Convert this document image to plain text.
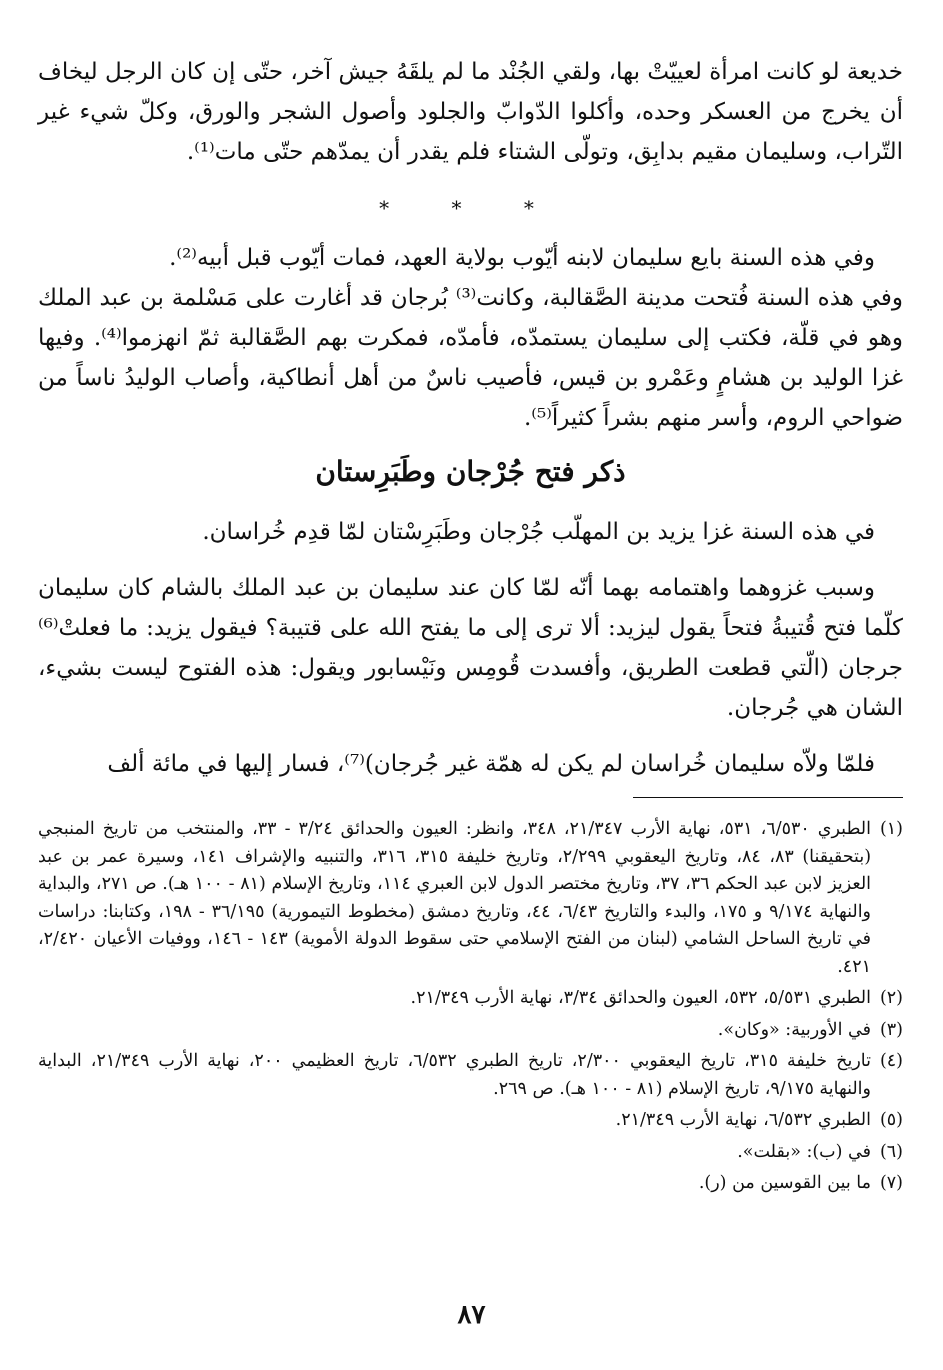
خديعة لو كانت امرأة لعييّتْ بها، ولقي الجُنْد ما لم يلقَهُ جيش آخر، حتّى إن كان الرجل ليخاف أن يخرج من العسكر وحده، وأكلوا الدّوابّ والجلود وأصول الشجر والورق، وكلّ شيء غير التّراب، وسليمان مقيم بدابِق، وتولّى الشتاء فلم يقدر أن يمدّهم حتّى مات⁽¹⁾.

* * *

وفي هذه السنة بايع سليمان لابنه أيّوب بولاية العهد، فمات أيّوب قبل أبيه⁽²⁾.

وفي هذه السنة فُتحت مدينة الصَّقالبة، وكانت⁽³⁾ بُرجان قد أغارت على مَسْلمة بن عبد الملك وهو في قلّة، فكتب إلى سليمان يستمدّه، فأمدّه، فمكرت بهم الصَّقالبة ثمّ انهزموا⁽⁴⁾. وفيها غزا الوليد بن هشامٍ وعَمْرو بن قيس، فأصيب ناسٌ من أهل أنطاكية، وأصاب الوليدُ ناساً من ضواحي الروم، وأسر منهم بشراً كثيراً⁽⁵⁾.

ذكر فتح جُرْجان وطَبَرِستان

في هذه السنة غزا يزيد بن المهلّب جُرْجان وطَبَرِسْتان لمّا قدِم خُراسان.

وسبب غزوهما واهتمامه بهما أنّه لمّا كان عند سليمان بن عبد الملك بالشام كان سليمان كلّما فتح قُتيبةُ فتحاً يقول ليزيد: ألا ترى إلى ما يفتح الله على قتيبة؟ فيقول يزيد: ما فعلتْ⁽⁶⁾ جرجان (الّتي قطعت الطريق، وأفسدت قُومِس ونَيْسابور ويقول: هذه الفتوح ليست بشيء، الشان هي جُرجان.

فلمّا ولاّه سليمان خُراسان لم يكن له همّة غير جُرجان)⁽⁷⁾، فسار إليها في مائة ألف

(١)
الطبري ٦/٥٣٠، ٥٣١، نهاية الأرب ٢١/٣٤٧، ٣٤٨، وانظر: العيون والحدائق ٣/٢٤ - ٣٣، والمنتخب من تاريخ المنبجي (بتحقيقنا) ٨٣، ٨٤، وتاريخ اليعقوبي ٢/٢٩٩، وتاريخ خليفة ٣١٥، ٣١٦، والتنبيه والإشراف ١٤١، وسيرة عمر بن عبد العزيز لابن عبد الحكم ٣٦، ٣٧، وتاريخ مختصر الدول لابن العبري ١١٤، وتاريخ الإسلام (٨١ - ١٠٠ هـ). ص ٢٧١، والبداية والنهاية ٩/١٧٤ و ١٧٥، والبدء والتاريخ ٦/٤٣، ٤٤، وتاريخ دمشق (مخطوط التيمورية) ٣٦/١٩٥ - ١٩٨، وكتابنا: دراسات في تاريخ الساحل الشامي (لبنان من الفتح الإسلامي حتى سقوط الدولة الأموية) ١٤٣ - ١٤٦، ووفيات الأعيان ٢/٤٢٠، ٤٢١.
(٢)
الطبري ٥/٥٣١، ٥٣٢، العيون والحدائق ٣/٣٤، نهاية الأرب ٢١/٣٤٩.
(٣)
في الأوربية: «وكان».
(٤)
تاريخ خليفة ٣١٥، تاريخ اليعقوبي ٢/٣٠٠، تاريخ الطبري ٦/٥٣٢، تاريخ العظيمي ٢٠٠، نهاية الأرب ٢١/٣٤٩، البداية والنهاية ٩/١٧٥، تاريخ الإسلام (٨١ - ١٠٠ هـ). ص ٢٦٩.
(٥)
الطبري ٦/٥٣٢، نهاية الأرب ٢١/٣٤٩.
(٦)
في (ب): «بقلت».
(٧)
ما بين القوسين من (ر).
٨٧
